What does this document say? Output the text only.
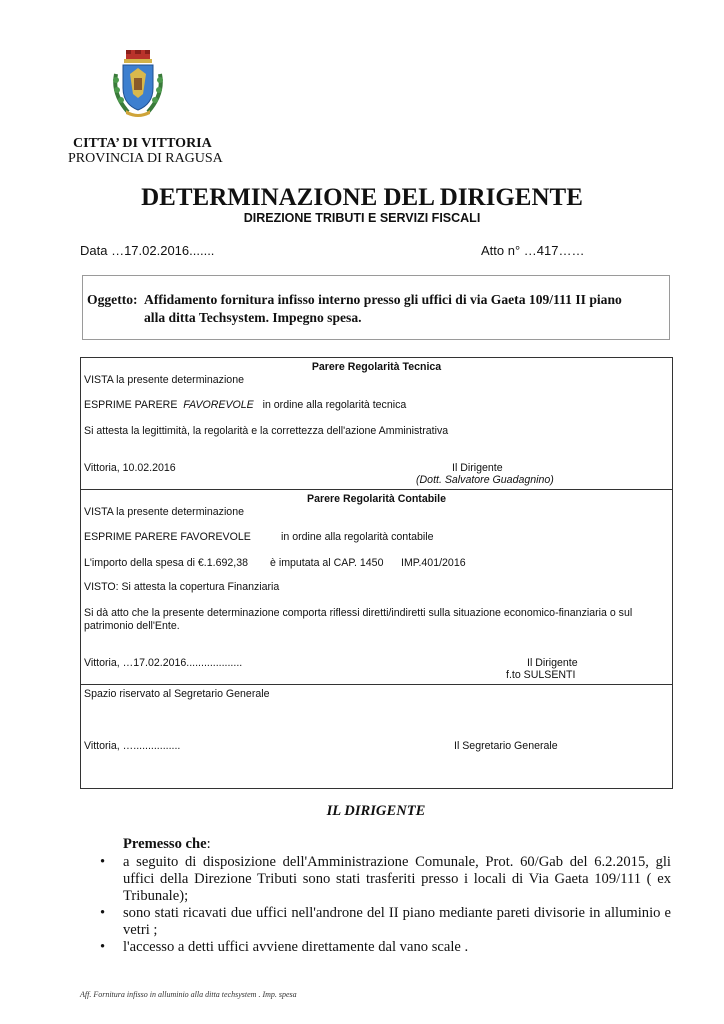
CITTA’ DI VITTORIA
PROVINCIA DI RAGUSA
DETERMINAZIONE DEL DIRIGENTE
DIREZIONE TRIBUTI E SERVIZI FISCALI
Data …17.02.2016.......	Atto n° …417……
Oggetto: Affidamento fornitura infisso interno presso gli uffici di via Gaeta 109/111 II piano
alla ditta Techsystem. Impegno spesa.
Parere Regolarità Tecnica
VISTA la presente determinazione
ESPRIME PARERE FAVOREVOLE in ordine alla regolarità tecnica
Si attesta la legittimità, la regolarità e la correttezza dell'azione Amministrativa
Vittoria, 10.02.2016	Il Dirigente
(Dott. Salvatore Guadagnino)
Parere Regolarità Contabile
VISTA la presente determinazione
ESPRIME PARERE FAVOREVOLE	in ordine alla regolarità contabile
L'importo della spesa di €.1.692,38 è imputata al CAP. 1450 IMP.401/2016
VISTO: Si attesta la copertura Finanziaria
Si dà atto che la presente determinazione comporta riflessi diretti/indiretti sulla situazione economico-finanziaria o sul
patrimonio dell'Ente.
Vittoria, …17.02.2016...................	Il Dirigente
f.to SULSENTI
Spazio riservato al Segretario Generale
Vittoria, …................	Il Segretario Generale
IL DIRIGENTE
Premesso che:
• a seguito di disposizione dell'Amministrazione Comunale, Prot. 60/Gab del 6.2.2015, gli
uffici della Direzione Tributi sono stati trasferiti presso i locali di Via Gaeta 109/111 ( ex
Tribunale);
• sono stati ricavati due uffici nell'androne del II piano mediante pareti divisorie in alluminio e
vetri ;
• l'accesso a detti uffici avviene direttamente dal vano scale .
Aff. Fornitura infisso in alluminio alla ditta techsystem . Imp. spesa
